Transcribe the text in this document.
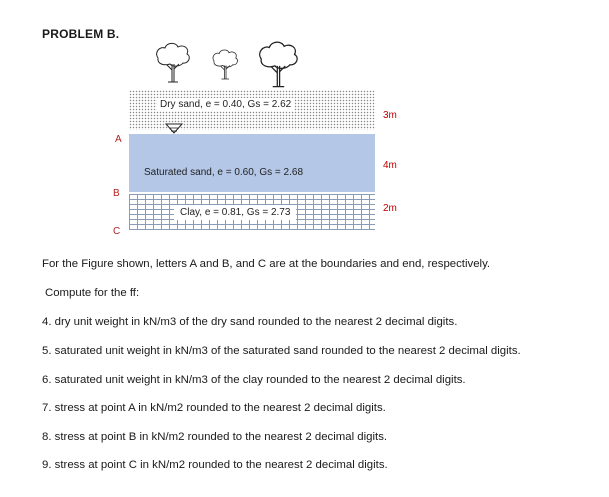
PROBLEM B.
Dry sand, e = 0.40, Gs = 2.62
Saturated sand, e = 0.60, Gs = 2.68
Clay, e = 0.81, Gs = 2.73
A
B
C
3m
4m
2m
For the Figure shown, letters A and B, and C are at the boundaries and end, respectively.
Compute for the ff:
4. dry unit weight in kN/m3 of the dry sand rounded to the nearest 2 decimal digits.
5. saturated unit weight in kN/m3 of the saturated sand rounded to the nearest 2 decimal digits.
6. saturated unit weight in kN/m3 of the clay rounded to the nearest 2 decimal digits.
7. stress at point A in kN/m2 rounded to the nearest 2 decimal digits.
8. stress at point B in kN/m2 rounded to the nearest 2 decimal digits.
9. stress at point C in kN/m2 rounded to the nearest 2 decimal digits.
